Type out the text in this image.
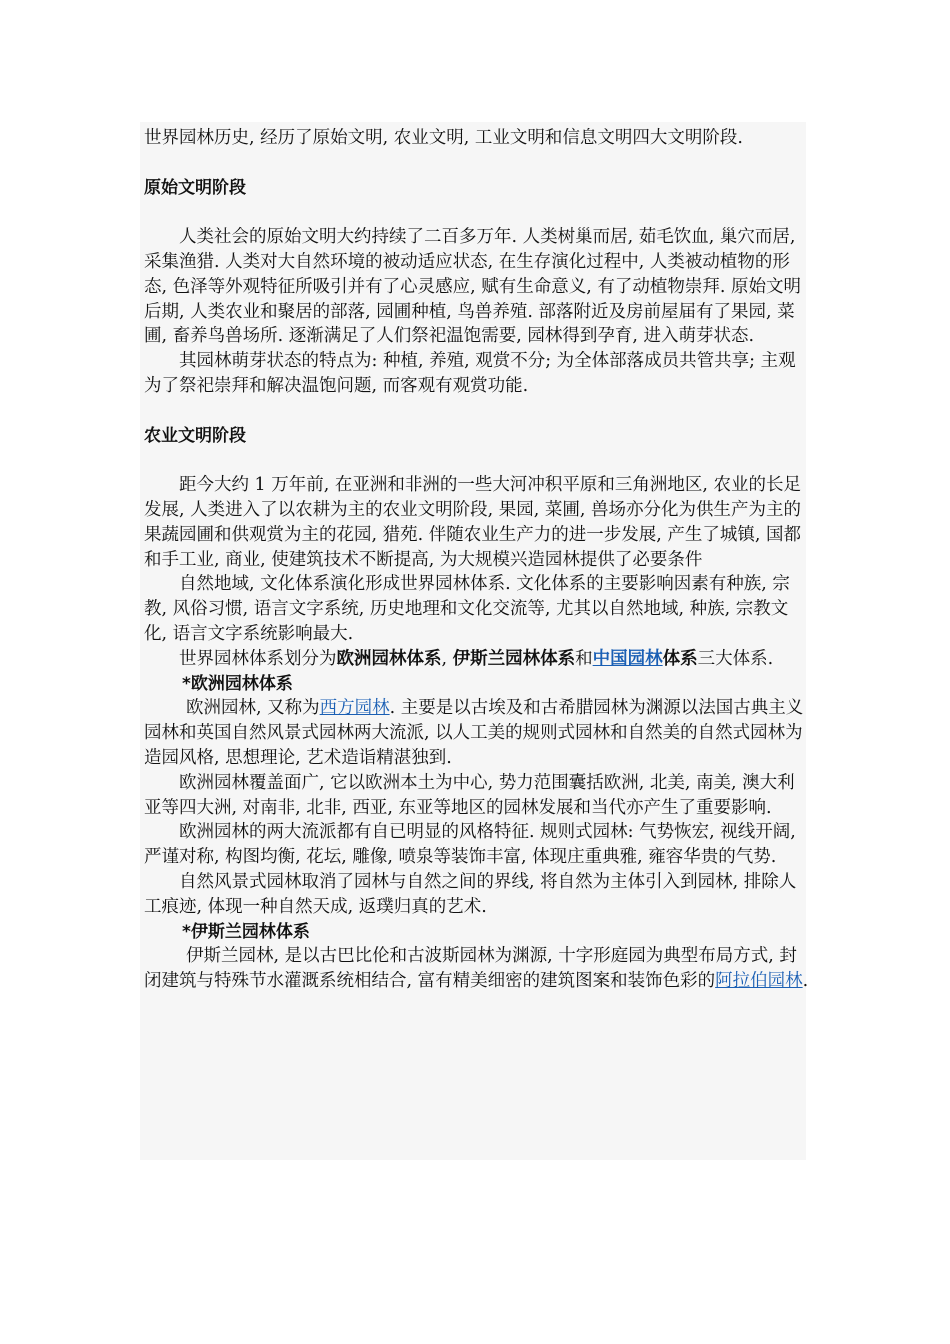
世界园林历史, 经历了原始文明, 农业文明, 工业文明和信息文明四大文明阶段.

原始文明阶段

人类社会的原始文明大约持续了二百多万年. 人类树巢而居, 茹毛饮血, 巢穴而居, 采集渔猎. 人类对大自然环境的被动适应状态, 在生存演化过程中, 人类被动植物的形态, 色泽等外观特征所吸引并有了心灵感应, 赋有生命意义, 有了动植物崇拜. 原始文明后期, 人类农业和聚居的部落, 园圃种植, 鸟兽养殖. 部落附近及房前屋届有了果园, 菜圃, 畜养鸟兽场所. 逐渐满足了人们祭祀温饱需要, 园林得到孕育, 进入萌芽状态.

其园林萌芽状态的特点为: 种植, 养殖, 观赏不分; 为全体部落成员共管共享; 主观为了祭祀崇拜和解决温饱问题, 而客观有观赏功能.

农业文明阶段

距今大约 1 万年前, 在亚洲和非洲的一些大河冲积平原和三角洲地区, 农业的长足发展, 人类进入了以农耕为主的农业文明阶段, 果园, 菜圃, 兽场亦分化为供生产为主的果蔬园圃和供观赏为主的花园, 猎苑. 伴随农业生产力的进一步发展, 产生了城镇, 国都和手工业, 商业, 使建筑技术不断提高, 为大规模兴造园林提供了必要条件

自然地域, 文化体系演化形成世界园林体系. 文化体系的主要影响因素有种族, 宗教, 风俗习惯, 语言文字系统, 历史地理和文化交流等, 尤其以自然地域, 种族, 宗教文化, 语言文字系统影响最大.

世界园林体系划分为欧洲园林体系, 伊斯兰园林体系和中国园林体系三大体系.

*欧洲园林体系

欧洲园林, 又称为西方园林. 主要是以古埃及和古希腊园林为渊源以法国古典主义园林和英国自然风景式园林两大流派, 以人工美的规则式园林和自然美的自然式园林为造园风格, 思想理论, 艺术造诣精湛独到.

欧洲园林覆盖面广, 它以欧洲本土为中心, 势力范围囊括欧洲, 北美, 南美, 澳大利亚等四大洲, 对南非, 北非, 西亚, 东亚等地区的园林发展和当代亦产生了重要影响.

欧洲园林的两大流派都有自已明显的风格特征. 规则式园林: 气势恢宏, 视线开阔, 严谨对称, 构图均衡, 花坛, 雕像, 喷泉等装饰丰富, 体现庄重典雅, 雍容华贵的气势.

自然风景式园林取消了园林与自然之间的界线, 将自然为主体引入到园林, 排除人工痕迹, 体现一种自然天成, 返璞归真的艺术.

*伊斯兰园林体系

伊斯兰园林, 是以古巴比伦和古波斯园林为渊源, 十字形庭园为典型布局方式, 封闭建筑与特殊节水灌溉系统相结合, 富有精美细密的建筑图案和装饰色彩的阿拉伯园林.
